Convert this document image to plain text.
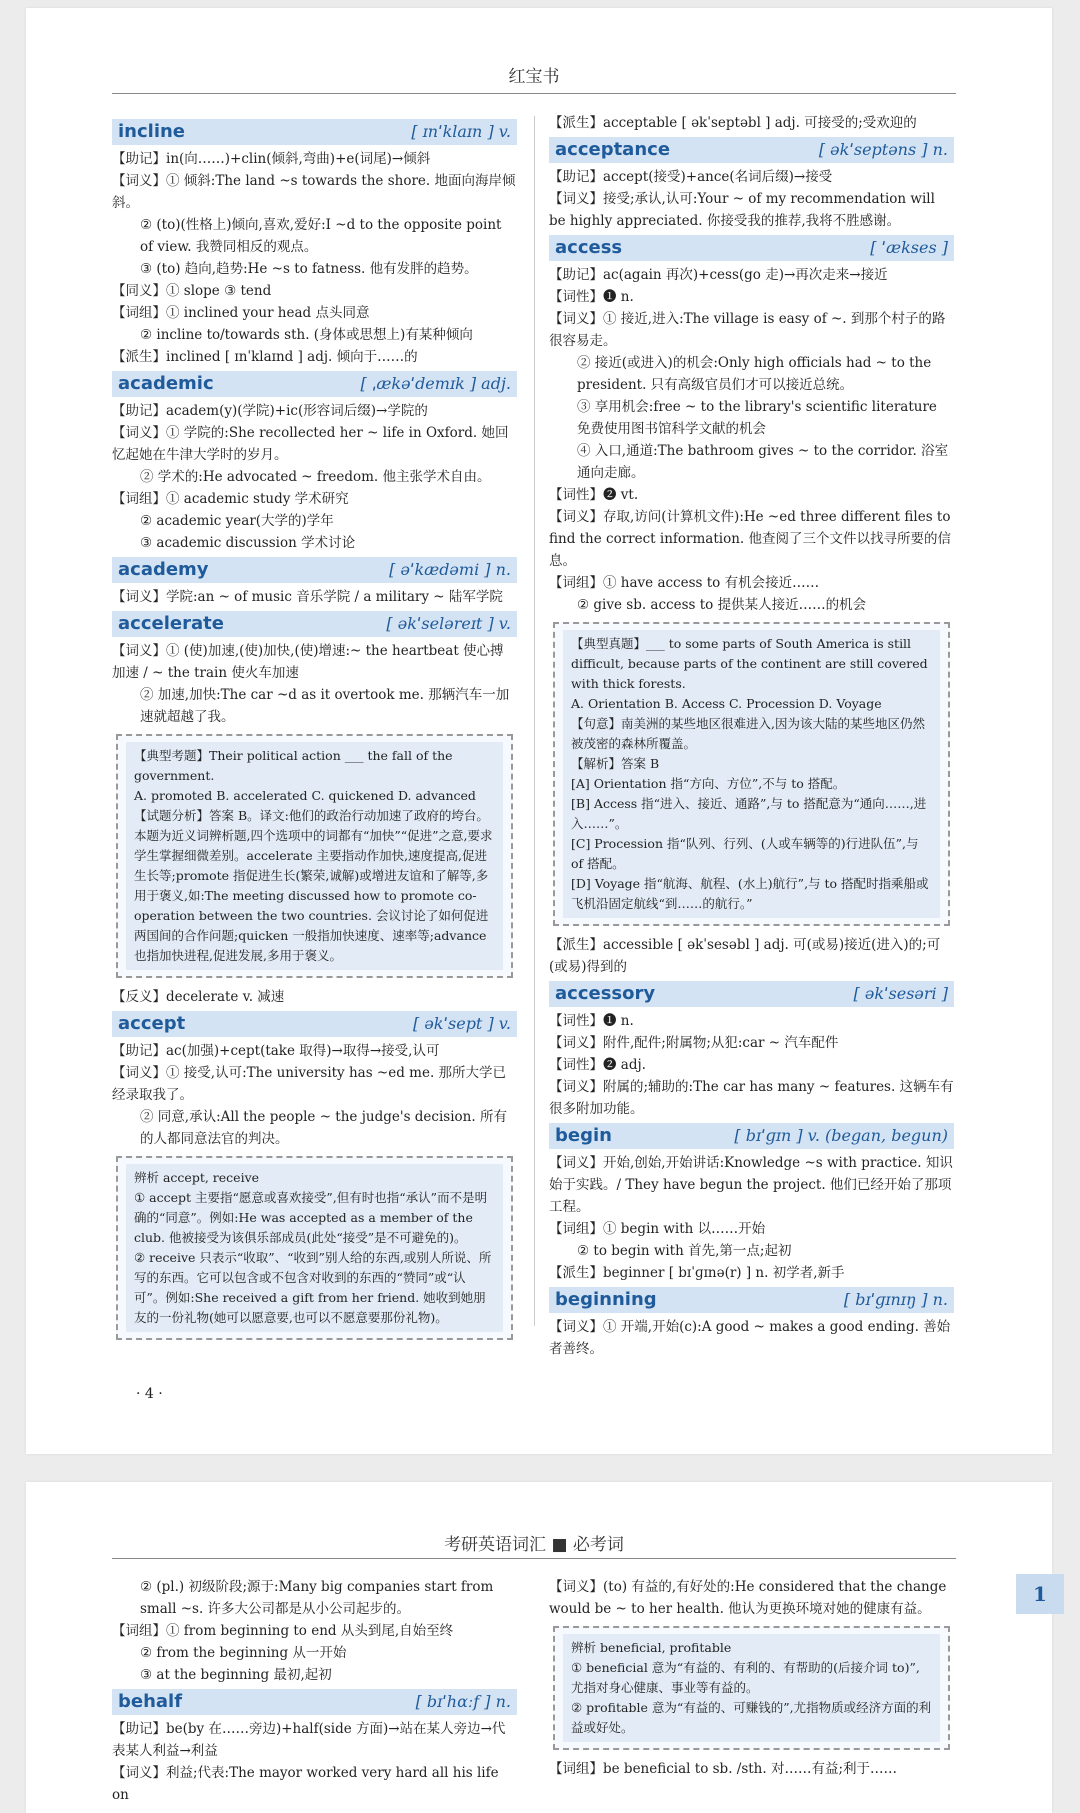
红宝书
incline	[ ɪnˈklaɪn ] v.
【助记】in(向……)+clin(倾斜,弯曲)+e(词尾)→倾斜
【词义】① 倾斜:The land ~s towards the shore. 地面向海岸倾斜。
② (to)(性格上)倾向,喜欢,爱好:I ~d to the opposite point of view. 我赞同相反的观点。
③ (to) 趋向,趋势:He ~s to fatness. 他有发胖的趋势。
【同义】① slope ③ tend
【词组】① inclined your head 点头同意
② incline to/towards sth. (身体或思想上)有某种倾向
【派生】inclined [ ɪnˈklaɪnd ] adj. 倾向于……的
academic	[ ˌækəˈdemɪk ] adj.
【助记】academ(y)(学院)+ic(形容词后缀)→学院的
【词义】① 学院的:She recollected her ~ life in Oxford. 她回忆起她在牛津大学时的岁月。
② 学术的:He advocated ~ freedom. 他主张学术自由。
【词组】① academic study 学术研究
② academic year(大学的)学年
③ academic discussion 学术讨论
academy	[ əˈkædəmi ] n.
【词义】学院:an ~ of music 音乐学院 / a military ~ 陆军学院
accelerate	[ əkˈseləreɪt ] v.
【词义】① (使)加速,(使)加快,(使)增速:~ the heartbeat 使心搏加速 / ~ the train 使火车加速
② 加速,加快:The car ~d as it overtook me. 那辆汽车一加速就超越了我。
【典型考题】Their political action ___ the fall of the government.
A. promoted B. accelerated C. quickened D. advanced
【试题分析】答案 B。译文:他们的政治行动加速了政府的垮台。本题为近义词辨析题,四个选项中的词都有“加快”“促进”之意,要求学生掌握细微差别。accelerate 主要指动作加快,速度提高,促进生长等;promote 指促进生长(繁荣,诚解)或增进友谊和了解等,多用于褒义,如:The meeting discussed how to promote co-operation between the two countries. 会议讨论了如何促进两国间的合作问题;quicken 一般指加快速度、速率等;advance 也指加快进程,促进发展,多用于褒义。
【反义】decelerate v. 减速
accept	[ əkˈsept ] v.
【助记】ac(加强)+cept(take 取得)→取得→接受,认可
【词义】① 接受,认可:The university has ~ed me. 那所大学已经录取我了。
② 同意,承认:All the people ~ the judge's decision. 所有的人都同意法官的判决。
辨析 accept, receive
① accept 主要指“愿意或喜欢接受”,但有时也指“承认”而不是明确的“同意”。例如:He was accepted as a member of the club. 他被接受为该俱乐部成员(此处“接受”是不可避免的)。
② receive 只表示“收取”、“收到”别人给的东西,或别人所说、所写的东西。它可以包含或不包含对收到的东西的“赞同”或“认可”。例如:She received a gift from her friend. 她收到她朋友的一份礼物(她可以愿意要,也可以不愿意要那份礼物)。
【派生】acceptable [ əkˈseptəbl ] adj. 可接受的;受欢迎的
acceptance	[ əkˈseptəns ] n.
【助记】accept(接受)+ance(名词后缀)→接受
【词义】接受;承认,认可:Your ~ of my recommendation will be highly appreciated. 你接受我的推荐,我将不胜感谢。
access	[ ˈækses ]
【助记】ac(again 再次)+cess(go 走)→再次走来→接近
【词性】❶ n.
【词义】① 接近,进入:The village is easy of ~. 到那个村子的路很容易走。
② 接近(或进入)的机会:Only high officials had ~ to the president. 只有高级官员们才可以接近总统。
③ 享用机会:free ~ to the library's scientific literature 免费使用图书馆科学文献的机会
④ 入口,通道:The bathroom gives ~ to the corridor. 浴室通向走廊。
【词性】❷ vt.
【词义】存取,访问(计算机文件):He ~ed three different files to find the correct information. 他查阅了三个文件以找寻所要的信息。
【词组】① have access to 有机会接近……
② give sb. access to 提供某人接近……的机会
【典型真题】___ to some parts of South America is still difficult, because parts of the continent are still covered with thick forests.
A. Orientation B. Access C. Procession D. Voyage
【句意】南美洲的某些地区很难进入,因为该大陆的某些地区仍然被茂密的森林所覆盖。
【解析】答案 B
[A] Orientation 指“方向、方位”,不与 to 搭配。
[B] Access 指“进入、接近、通路”,与 to 搭配意为“通向……,进入……”。
[C] Procession 指“队列、行列、(人或车辆等的)行进队伍”,与 of 搭配。
[D] Voyage 指“航海、航程、(水上)航行”,与 to 搭配时指乘船或飞机沿固定航线“到……的航行。”
【派生】accessible [ əkˈsesəbl ] adj. 可(或易)接近(进入)的;可(或易)得到的
accessory	[ əkˈsesəri ]
【词性】❶ n.
【词义】附件,配件;附属物;从犯:car ~ 汽车配件
【词性】❷ adj.
【词义】附属的;辅助的:The car has many ~ features. 这辆车有很多附加功能。
begin	[ bɪˈɡɪn ] v. (began, begun)
【词义】开始,创始,开始讲话:Knowledge ~s with practice. 知识始于实践。/ They have begun the project. 他们已经开始了那项工程。
【词组】① begin with 以……开始
② to begin with 首先,第一点;起初
【派生】beginner [ bɪˈɡɪnə(r) ] n. 初学者,新手
beginning	[ bɪˈɡɪnɪŋ ] n.
【词义】① 开端,开始(c):A good ~ makes a good ending. 善始者善终。
· 4 ·
考研英语词汇 ■ 必考词
1
② (pl.) 初级阶段;源于:Many big companies start from small ~s. 许多大公司都是从小公司起步的。
【词组】① from beginning to end 从头到尾,自始至终
② from the beginning 从一开始
③ at the beginning 最初,起初
behalf	[ bɪˈhɑːf ] n.
【助记】be(by 在……旁边)+half(side 方面)→站在某人旁边→代表某人利益→利益
【词义】利益;代表:The mayor worked very hard all his life on
【词义】(to) 有益的,有好处的:He considered that the change would be ~ to her health. 他认为更换环境对她的健康有益。
辨析 beneficial, profitable
① beneficial 意为“有益的、有利的、有帮助的(后接介词 to)”,尤指对身心健康、事业等有益的。
② profitable 意为“有益的、可赚钱的”,尤指物质或经济方面的利益或好处。
【词组】be beneficial to sb. /sth. 对……有益;利于……
